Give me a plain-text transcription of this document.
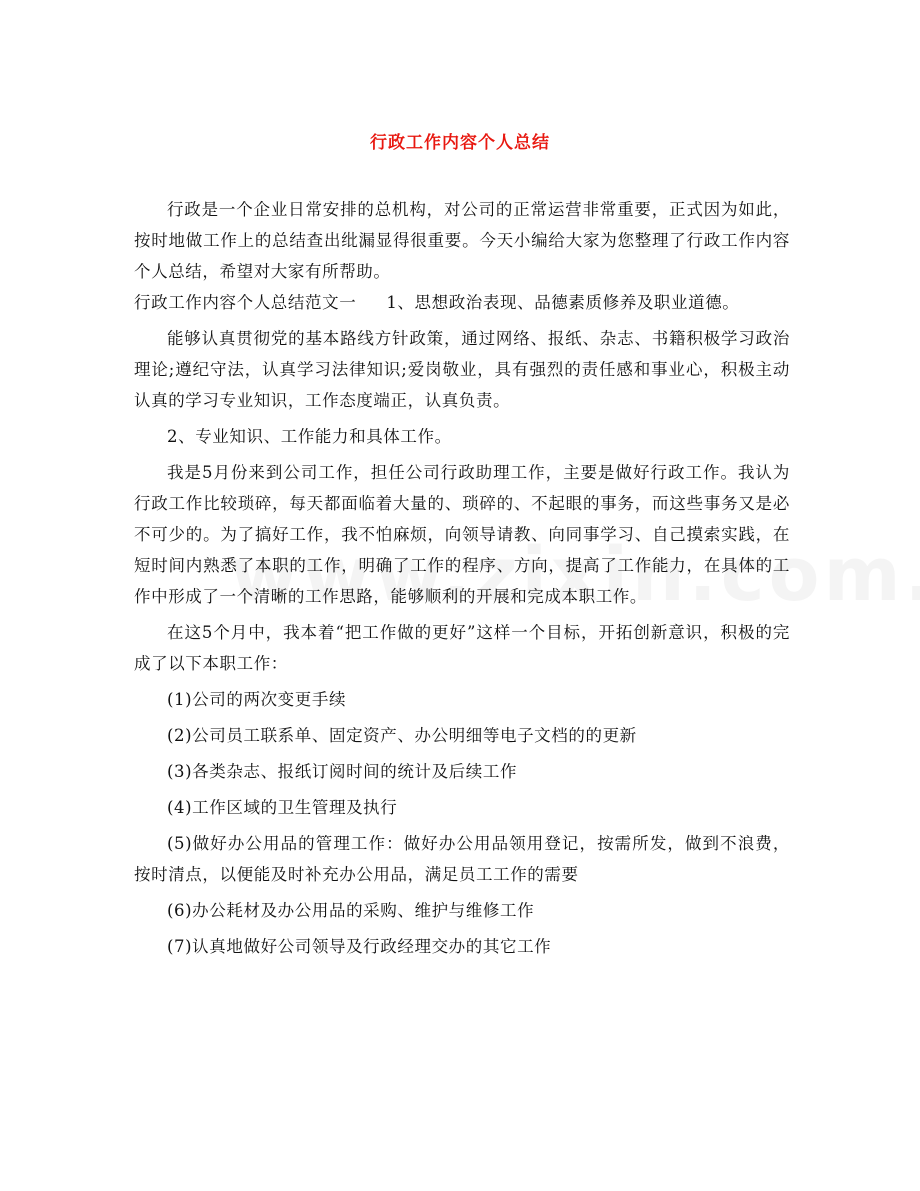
行政工作内容个人总结

行政是一个企业日常安排的总机构，对公司的正常运营非常重要，正式因为如此，按时地做工作上的总结查出纰漏显得很重要。今天小编给大家为您整理了行政工作内容个人总结，希望对大家有所帮助。

行政工作内容个人总结范文一 1、思想政治表现、品德素质修养及职业道德。

能够认真贯彻党的基本路线方针政策，通过网络、报纸、杂志、书籍积极学习政治理论;遵纪守法，认真学习法律知识;爱岗敬业，具有强烈的责任感和事业心，积极主动认真的学习专业知识，工作态度端正，认真负责。

2、专业知识、工作能力和具体工作。

我是5月份来到公司工作，担任公司行政助理工作，主要是做好行政工作。我认为行政工作比较琐碎，每天都面临着大量的、琐碎的、不起眼的事务，而这些事务又是必不可少的。为了搞好工作，我不怕麻烦，向领导请教、向同事学习、自己摸索实践，在短时间内熟悉了本职的工作，明确了工作的程序、方向，提高了工作能力，在具体的工作中形成了一个清晰的工作思路，能够顺利的开展和完成本职工作。

在这5个月中，我本着“把工作做的更好”这样一个目标，开拓创新意识，积极的完成了以下本职工作：

(1)公司的两次变更手续

(2)公司员工联系单、固定资产、办公明细等电子文档的的更新

(3)各类杂志、报纸订阅时间的统计及后续工作

(4)工作区域的卫生管理及执行

(5)做好办公用品的管理工作：做好办公用品领用登记，按需所发，做到不浪费，按时清点，以便能及时补充办公用品，满足员工工作的需要

(6)办公耗材及办公用品的采购、维护与维修工作

(7)认真地做好公司领导及行政经理交办的其它工作
